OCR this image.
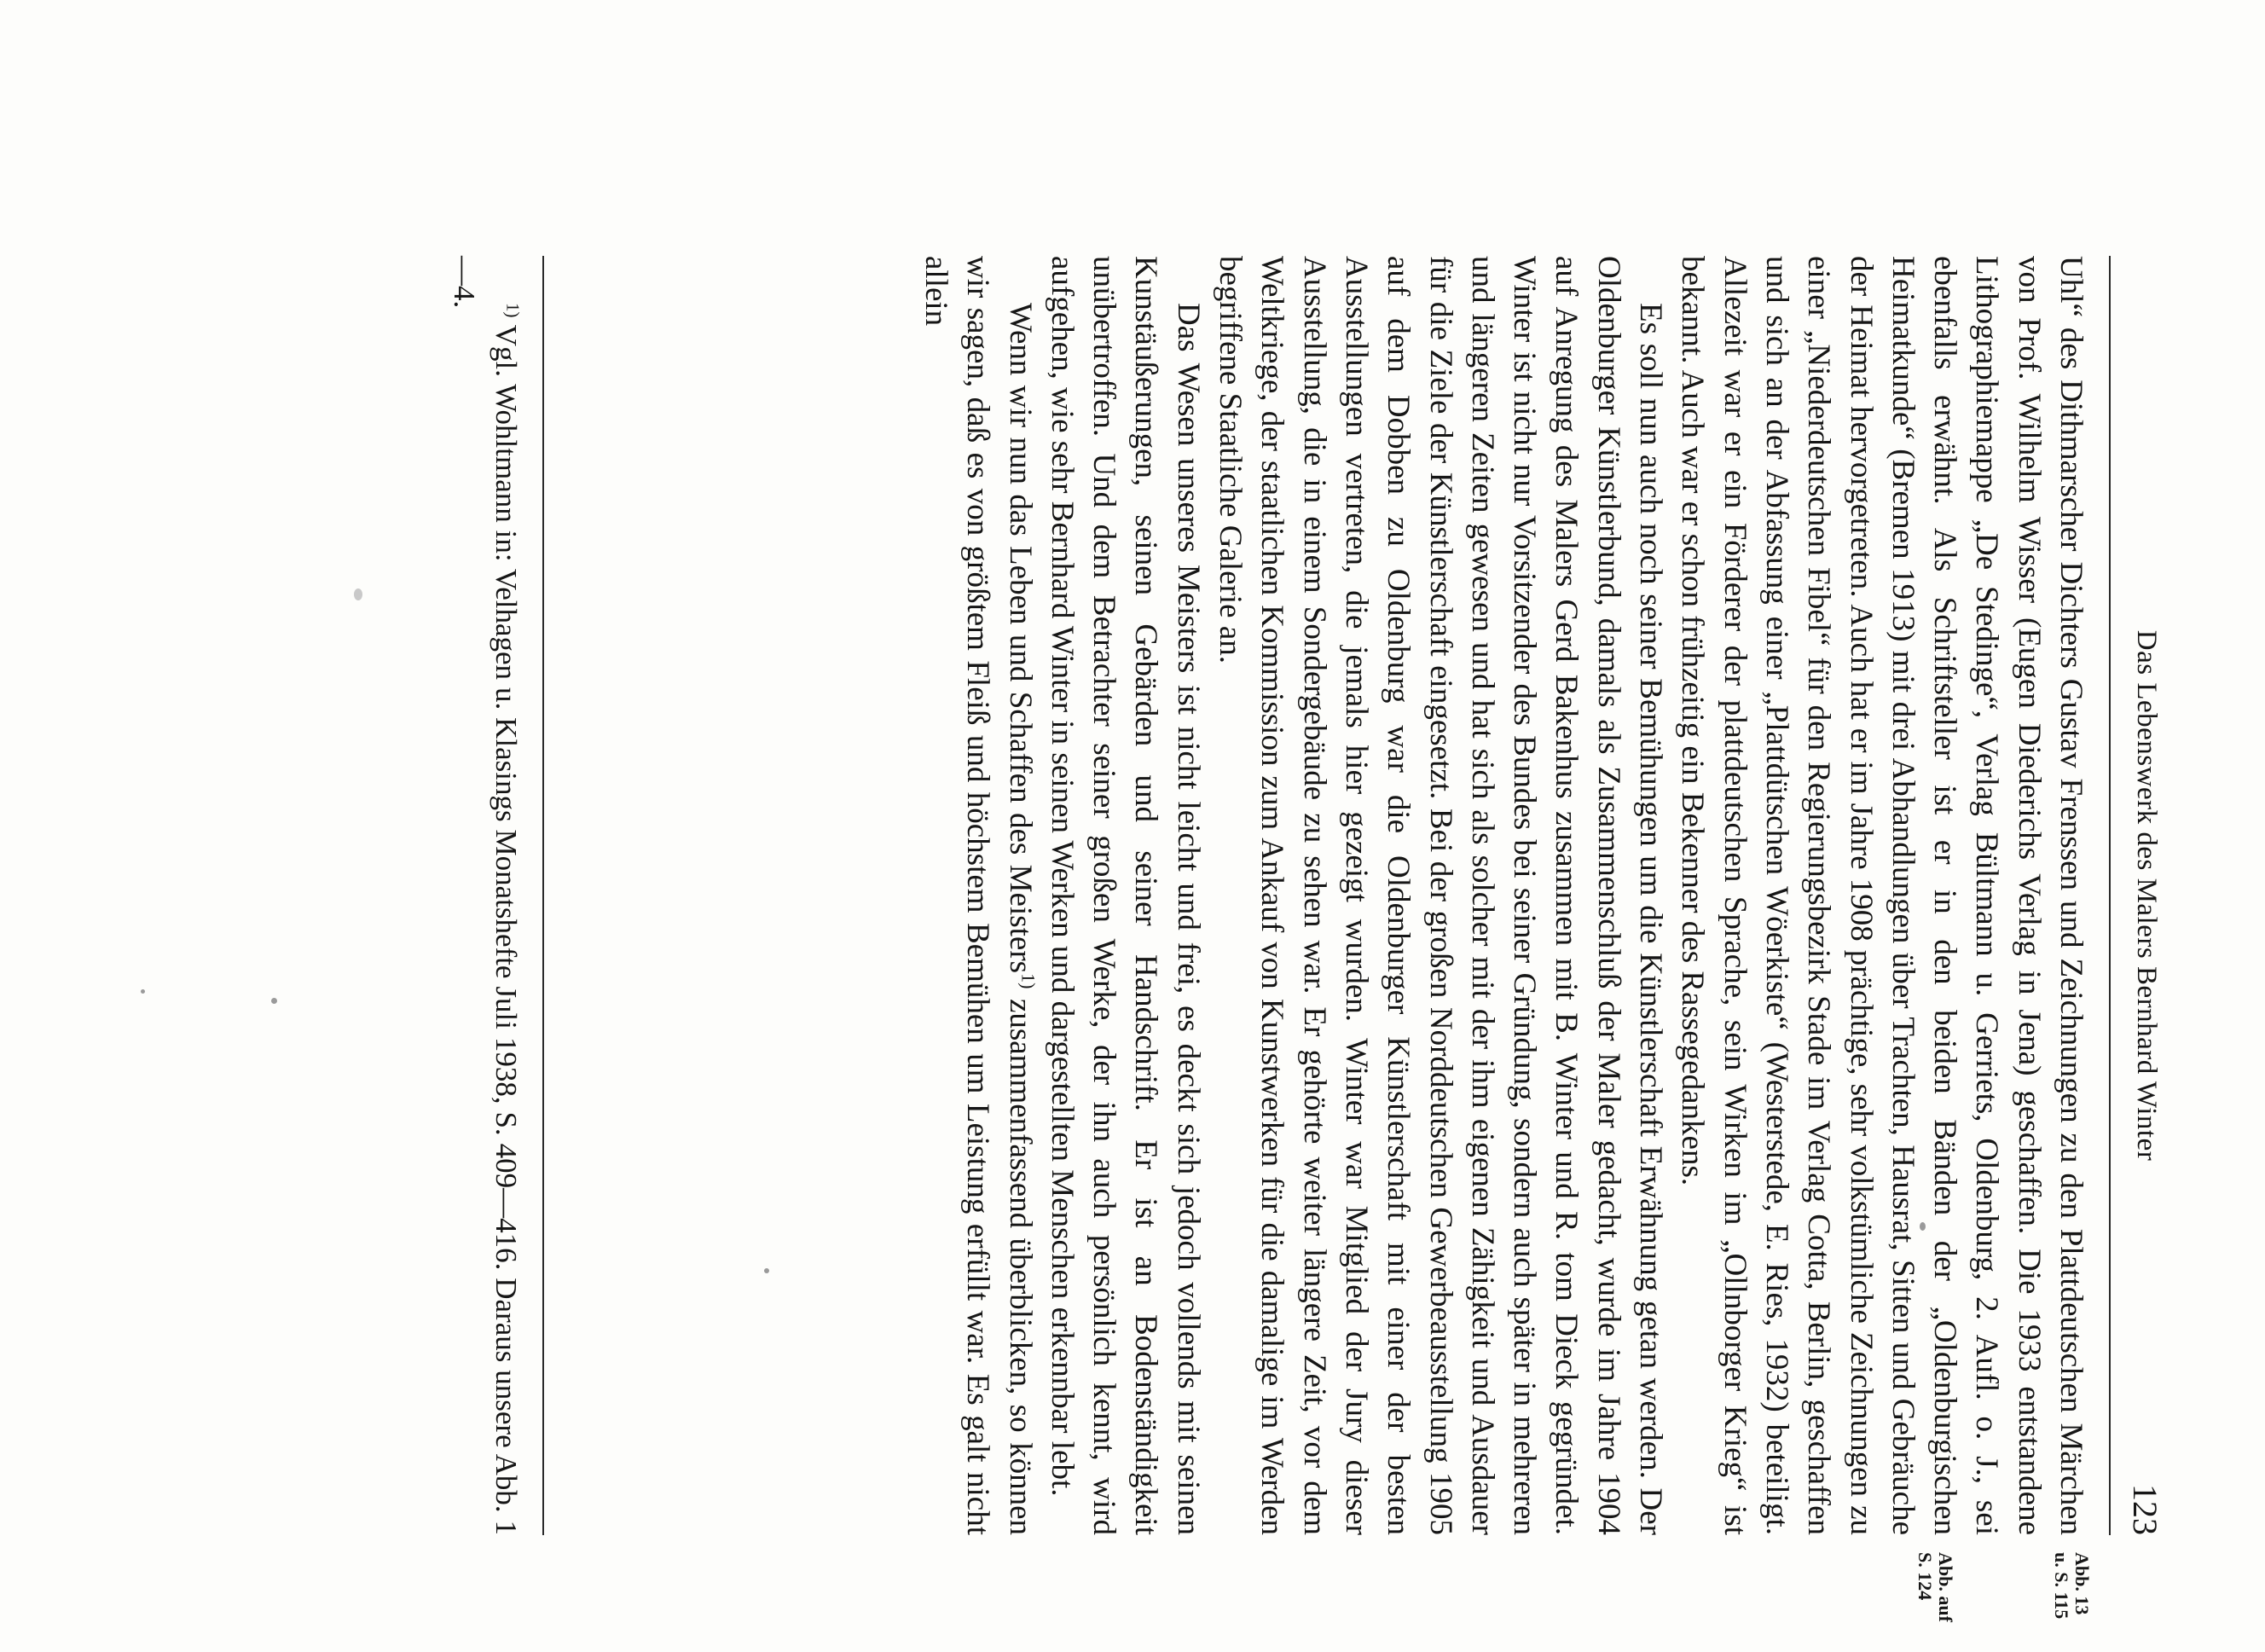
Das Lebenswerk des Malers Bernhard Winter
123
Abb. 13
u. S. 115
Abb. auf
S. 124

Uhl“ des Dithmarscher Dichters Gustav Frenssen und Zeichnungen zu den Plattdeutschen Märchen von Prof. Wilhelm Wisser (Eugen Diederichs Verlag in Jena) geschaffen. Die 1933 entstandene Lithographiemappe „De Stedinge“, Verlag Bültmann u. Gerriets, Oldenburg, 2. Aufl. o. J., sei ebenfalls erwähnt. Als Schriftsteller ist er in den beiden Bänden der „Oldenburgischen Heimatkunde“ (Bremen 1913) mit drei Abhandlungen über Trachten, Hausrat, Sitten und Gebräuche der Heimat hervorgetreten. Auch hat er im Jahre 1908 prächtige, sehr volkstümliche Zeichnungen zu einer „Niederdeutschen Fibel“ für den Regierungsbezirk Stade im Verlag Cotta, Berlin, geschaffen und sich an der Abfassung einer „Plattdütschen Wöerkiste“ (Westerstede, E. Ries, 1932) beteiligt. Allezeit war er ein Förderer der plattdeutschen Sprache, sein Wirken im „Ollnborger Krieg“ ist bekannt. Auch war er schon frühzeitig ein Bekenner des Rassegedankens.

Es soll nun auch noch seiner Bemühungen um die Künstlerschaft Erwähnung getan werden. Der Oldenburger Künstlerbund, damals als Zusammenschluß der Maler gedacht, wurde im Jahre 1904 auf Anregung des Malers Gerd Bakenhus zusammen mit B. Winter und R. tom Dieck gegründet. Winter ist nicht nur Vorsitzender des Bundes bei seiner Gründung, sondern auch später in mehreren und längeren Zeiten gewesen und hat sich als solcher mit der ihm eigenen Zähigkeit und Ausdauer für die Ziele der Künstlerschaft eingesetzt. Bei der großen Norddeutschen Gewerbeausstellung 1905 auf dem Dobben zu Oldenburg war die Oldenburger Künstlerschaft mit einer der besten Ausstellungen vertreten, die jemals hier gezeigt wurden. Winter war Mitglied der Jury dieser Ausstellung, die in einem Sondergebäude zu sehen war. Er gehörte weiter längere Zeit, vor dem Weltkriege, der staatlichen Kommission zum Ankauf von Kunstwerken für die damalige im Werden begriffene Staatliche Galerie an.

Das Wesen unseres Meisters ist nicht leicht und frei, es deckt sich jedoch vollends mit seinen Kunstäußerungen, seinen Gebärden und seiner Handschrift. Er ist an Bodenständigkeit unübertroffen. Und dem Betrachter seiner großen Werke, der ihn auch persönlich kennt, wird aufgehen, wie sehr Bernhard Winter in seinen Werken und dargestellten Menschen erkennbar lebt.

Wenn wir nun das Leben und Schaffen des Meisters$^{1)}$ zusammenfassend überblicken, so können wir sagen, daß es von größtem Fleiß und höchstem Bemühen um Leistung erfüllt war. Es galt nicht allein

$^{1)}$ Vgl. Wohltmann in: Velhagen u. Klasings Monatshefte Juli 1938, S. 409—416. Daraus unsere Abb. 1—4.
